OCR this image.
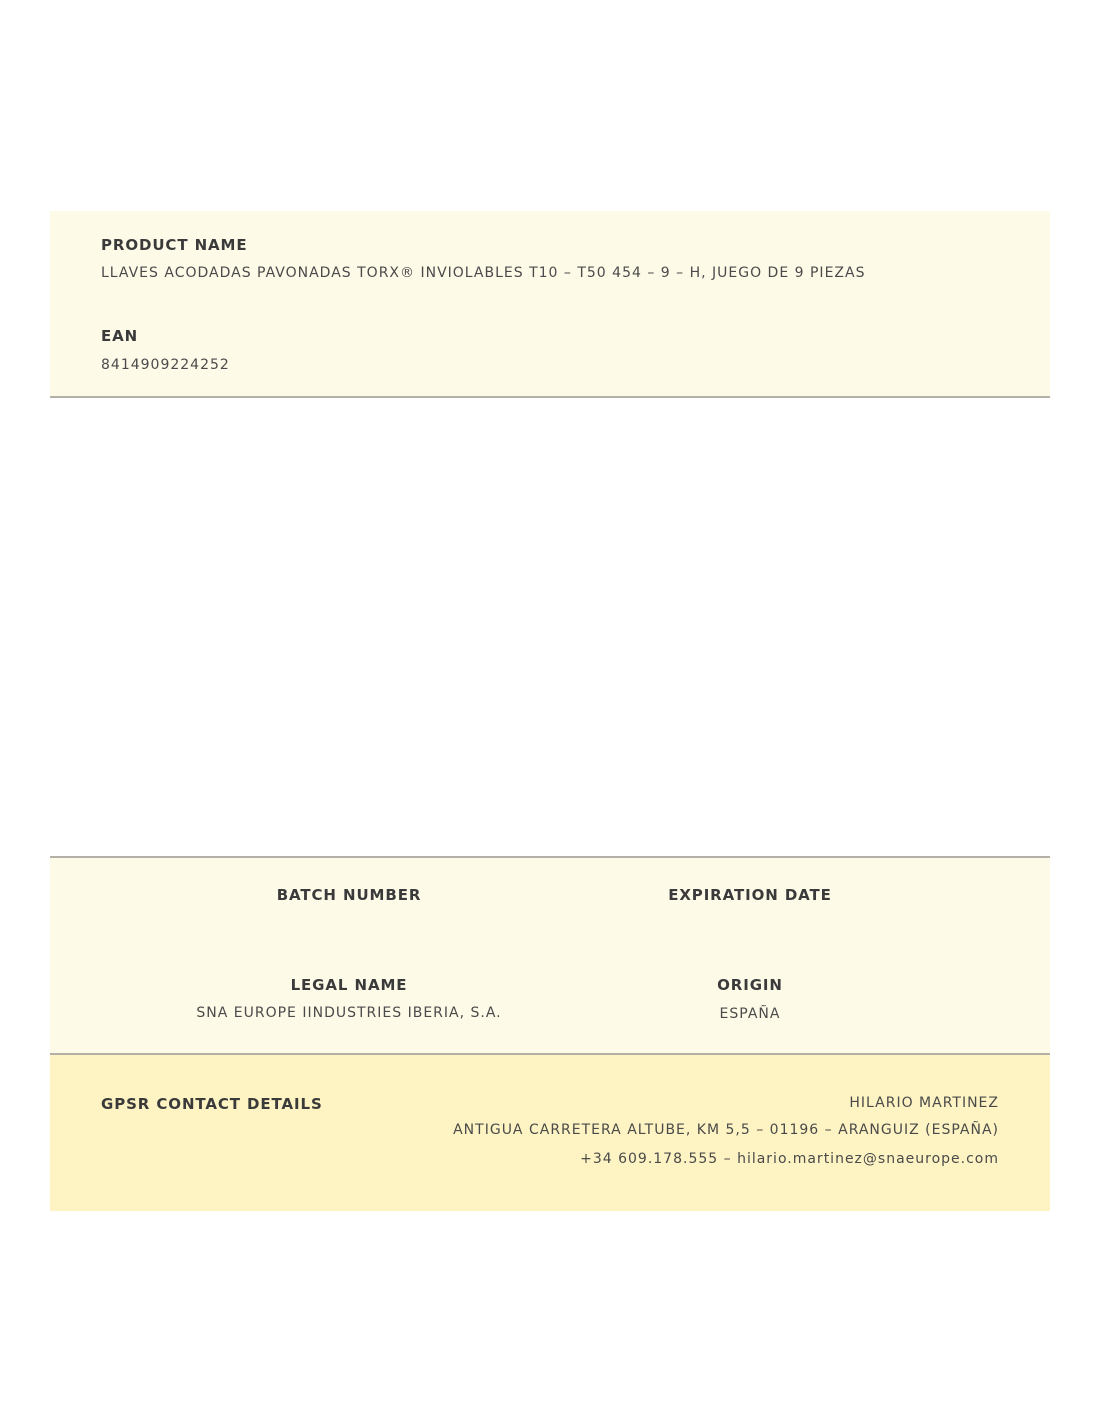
PRODUCT NAME
LLAVES ACODADAS PAVONADAS TORX® INVIOLABLES T10 – T50 454 – 9 – H, JUEGO DE 9 PIEZAS
EAN
8414909224252
BATCH NUMBER	EXPIRATION DATE
LEGAL NAME
SNA EUROPE IINDUSTRIES IBERIA, S.A.
ORIGIN
ESPAÑA
GPSR CONTACT DETAILS	HILARIO MARTINEZ
ANTIGUA CARRETERA ALTUBE, KM 5,5 – 01196 – ARANGUIZ (ESPAÑA)
+34 609.178.555 – hilario.martinez@snaeurope.com
